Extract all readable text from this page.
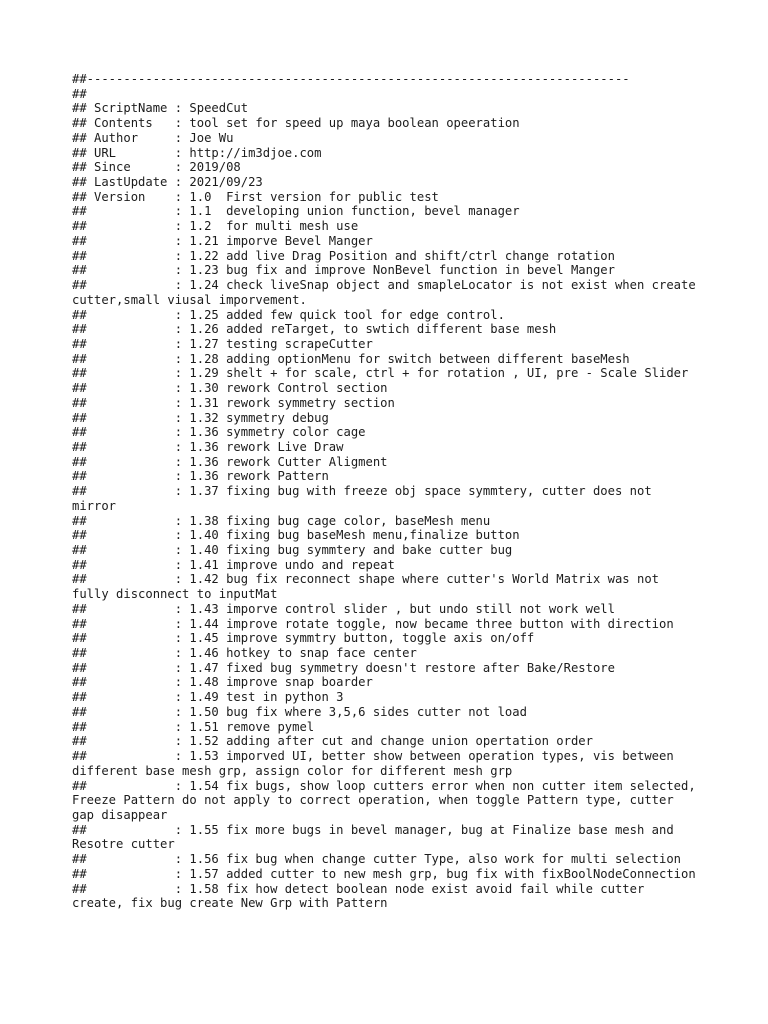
##--------------------------------------------------------------------------
##
## ScriptName : SpeedCut
## Contents   : tool set for speed up maya boolean opeeration
## Author     : Joe Wu
## URL        : http://im3djoe.com
## Since      : 2019/08
## LastUpdate : 2021/09/23
## Version    : 1.0  First version for public test
##            : 1.1  developing union function, bevel manager
##            : 1.2  for multi mesh use
##            : 1.21 imporve Bevel Manger
##            : 1.22 add live Drag Position and shift/ctrl change rotation
##            : 1.23 bug fix and improve NonBevel function in bevel Manger
##            : 1.24 check liveSnap object and smapleLocator is not exist when create cutter,small viusal imporvement.
##            : 1.25 added few quick tool for edge control.
##            : 1.26 added reTarget, to swtich different base mesh
##            : 1.27 testing scrapeCutter
##            : 1.28 adding optionMenu for switch between different baseMesh
##            : 1.29 shelt + for scale, ctrl + for rotation , UI, pre - Scale Slider
##            : 1.30 rework Control section
##            : 1.31 rework symmetry section
##            : 1.32 symmetry debug
##            : 1.36 symmetry color cage
##            : 1.36 rework Live Draw
##            : 1.36 rework Cutter Aligment
##            : 1.36 rework Pattern
##            : 1.37 fixing bug with freeze obj space symmtery, cutter does not mirror
##            : 1.38 fixing bug cage color, baseMesh menu
##            : 1.40 fixing bug baseMesh menu,finalize button
##            : 1.40 fixing bug symmtery and bake cutter bug
##            : 1.41 improve undo and repeat
##            : 1.42 bug fix reconnect shape where cutter's World Matrix was not fully disconnect to inputMat
##            : 1.43 imporve control slider , but undo still not work well
##            : 1.44 improve rotate toggle, now became three button with direction
##            : 1.45 improve symmtry button, toggle axis on/off
##            : 1.46 hotkey to snap face center
##            : 1.47 fixed bug symmetry doesn't restore after Bake/Restore
##            : 1.48 improve snap boarder
##            : 1.49 test in python 3
##            : 1.50 bug fix where 3,5,6 sides cutter not load
##            : 1.51 remove pymel
##            : 1.52 adding after cut and change union opertation order
##            : 1.53 imporved UI, better show between operation types, vis between different base mesh grp, assign color for different mesh grp
##            : 1.54 fix bugs, show loop cutters error when non cutter item selected, Freeze Pattern do not apply to correct operation, when toggle Pattern type, cutter gap disappear
##            : 1.55 fix more bugs in bevel manager, bug at Finalize base mesh and Resotre cutter
##            : 1.56 fix bug when change cutter Type, also work for multi selection
##            : 1.57 added cutter to new mesh grp, bug fix with fixBoolNodeConnection
##            : 1.58 fix how detect boolean node exist avoid fail while cutter create, fix bug create New Grp with Pattern
